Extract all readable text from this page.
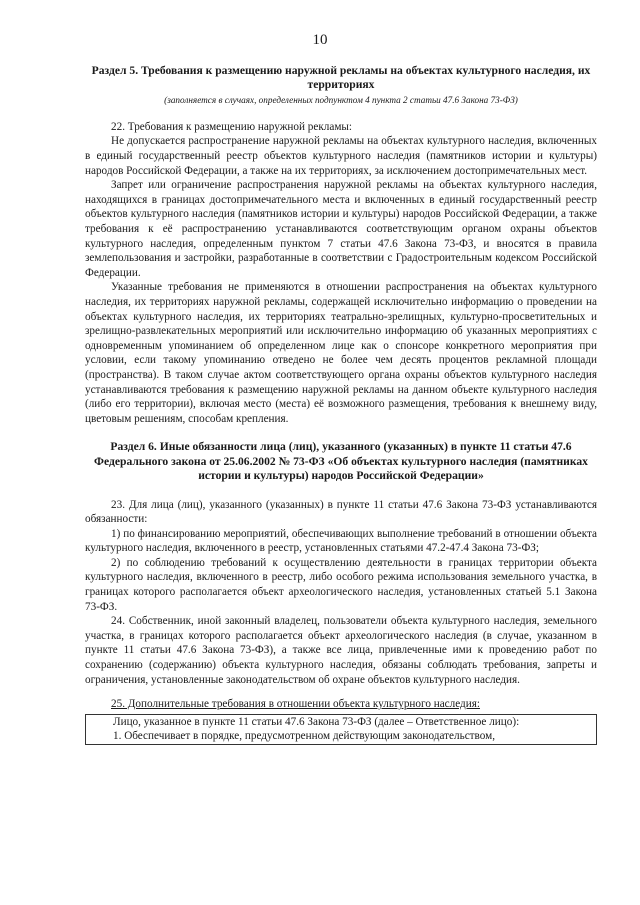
10
Раздел 5. Требования к размещению наружной рекламы на объектах культурного наследия, их территориях
(заполняется в случаях, определенных подпунктом 4 пункта 2 статьи 47.6 Закона 73-ФЗ)

22. Требования к размещению наружной рекламы:

Не допускается распространение наружной рекламы на объектах культурного наследия, включенных в единый государственный реестр объектов культурного наследия (памятников истории и культуры) народов Российской Федерации, а также на их территориях, за исключением достопримечательных мест.

Запрет или ограничение распространения наружной рекламы на объектах культурного наследия, находящихся в границах достопримечательного места и включенных в единый государственный реестр объектов культурного наследия (памятников истории и культуры) народов Российской Федерации, а также требования к её распространению устанавливаются соответствующим органом охраны объектов культурного наследия, определенным пунктом 7 статьи 47.6 Закона 73-ФЗ, и вносятся в правила землепользования и застройки, разработанные в соответствии с Градостроительным кодексом Российской Федерации.

Указанные требования не применяются в отношении распространения на объектах культурного наследия, их территориях наружной рекламы, содержащей исключительно информацию о проведении на объектах культурного наследия, их территориях театрально-зрелищных, культурно-просветительных и зрелищно-развлекательных мероприятий или исключительно информацию об указанных мероприятиях с одновременным упоминанием об определенном лице как о спонсоре конкретного мероприятия при условии, если такому упоминанию отведено не более чем десять процентов рекламной площади (пространства). В таком случае актом соответствующего органа охраны объектов культурного наследия устанавливаются требования к размещению наружной рекламы на данном объекте культурного наследия (либо его территории), включая место (места) её возможного размещения, требования к внешнему виду, цветовым решениям, способам крепления.

Раздел 6. Иные обязанности лица (лиц), указанного (указанных) в пункте 11 статьи 47.6 Федерального закона от 25.06.2002 № 73-ФЗ «Об объектах культурного наследия (памятниках истории и культуры) народов Российской Федерации»

23. Для лица (лиц), указанного (указанных) в пункте 11 статьи 47.6 Закона 73-ФЗ устанавливаются обязанности:

1) по финансированию мероприятий, обеспечивающих выполнение требований в отношении объекта культурного наследия, включенного в реестр, установленных статьями 47.2-47.4 Закона 73-ФЗ;

2) по соблюдению требований к осуществлению деятельности в границах территории объекта культурного наследия, включенного в реестр, либо особого режима использования земельного участка, в границах которого располагается объект археологического наследия, установленных статьей 5.1 Закона 73-ФЗ.

24. Собственник, иной законный владелец, пользователи объекта культурного наследия, земельного участка, в границах которого располагается объект археологического наследия (в случае, указанном в пункте 11 статьи 47.6 Закона 73-ФЗ), а также все лица, привлеченные ими к проведению работ по сохранению (содержанию) объекта культурного наследия, обязаны соблюдать требования, запреты и ограничения, установленные законодательством об охране объектов культурного наследия.

25. Дополнительные требования в отношении объекта культурного наследия:

Лицо, указанное в пункте 11 статьи 47.6 Закона 73-ФЗ (далее – Ответственное лицо):

1. Обеспечивает в порядке, предусмотренном действующим законодательством,
